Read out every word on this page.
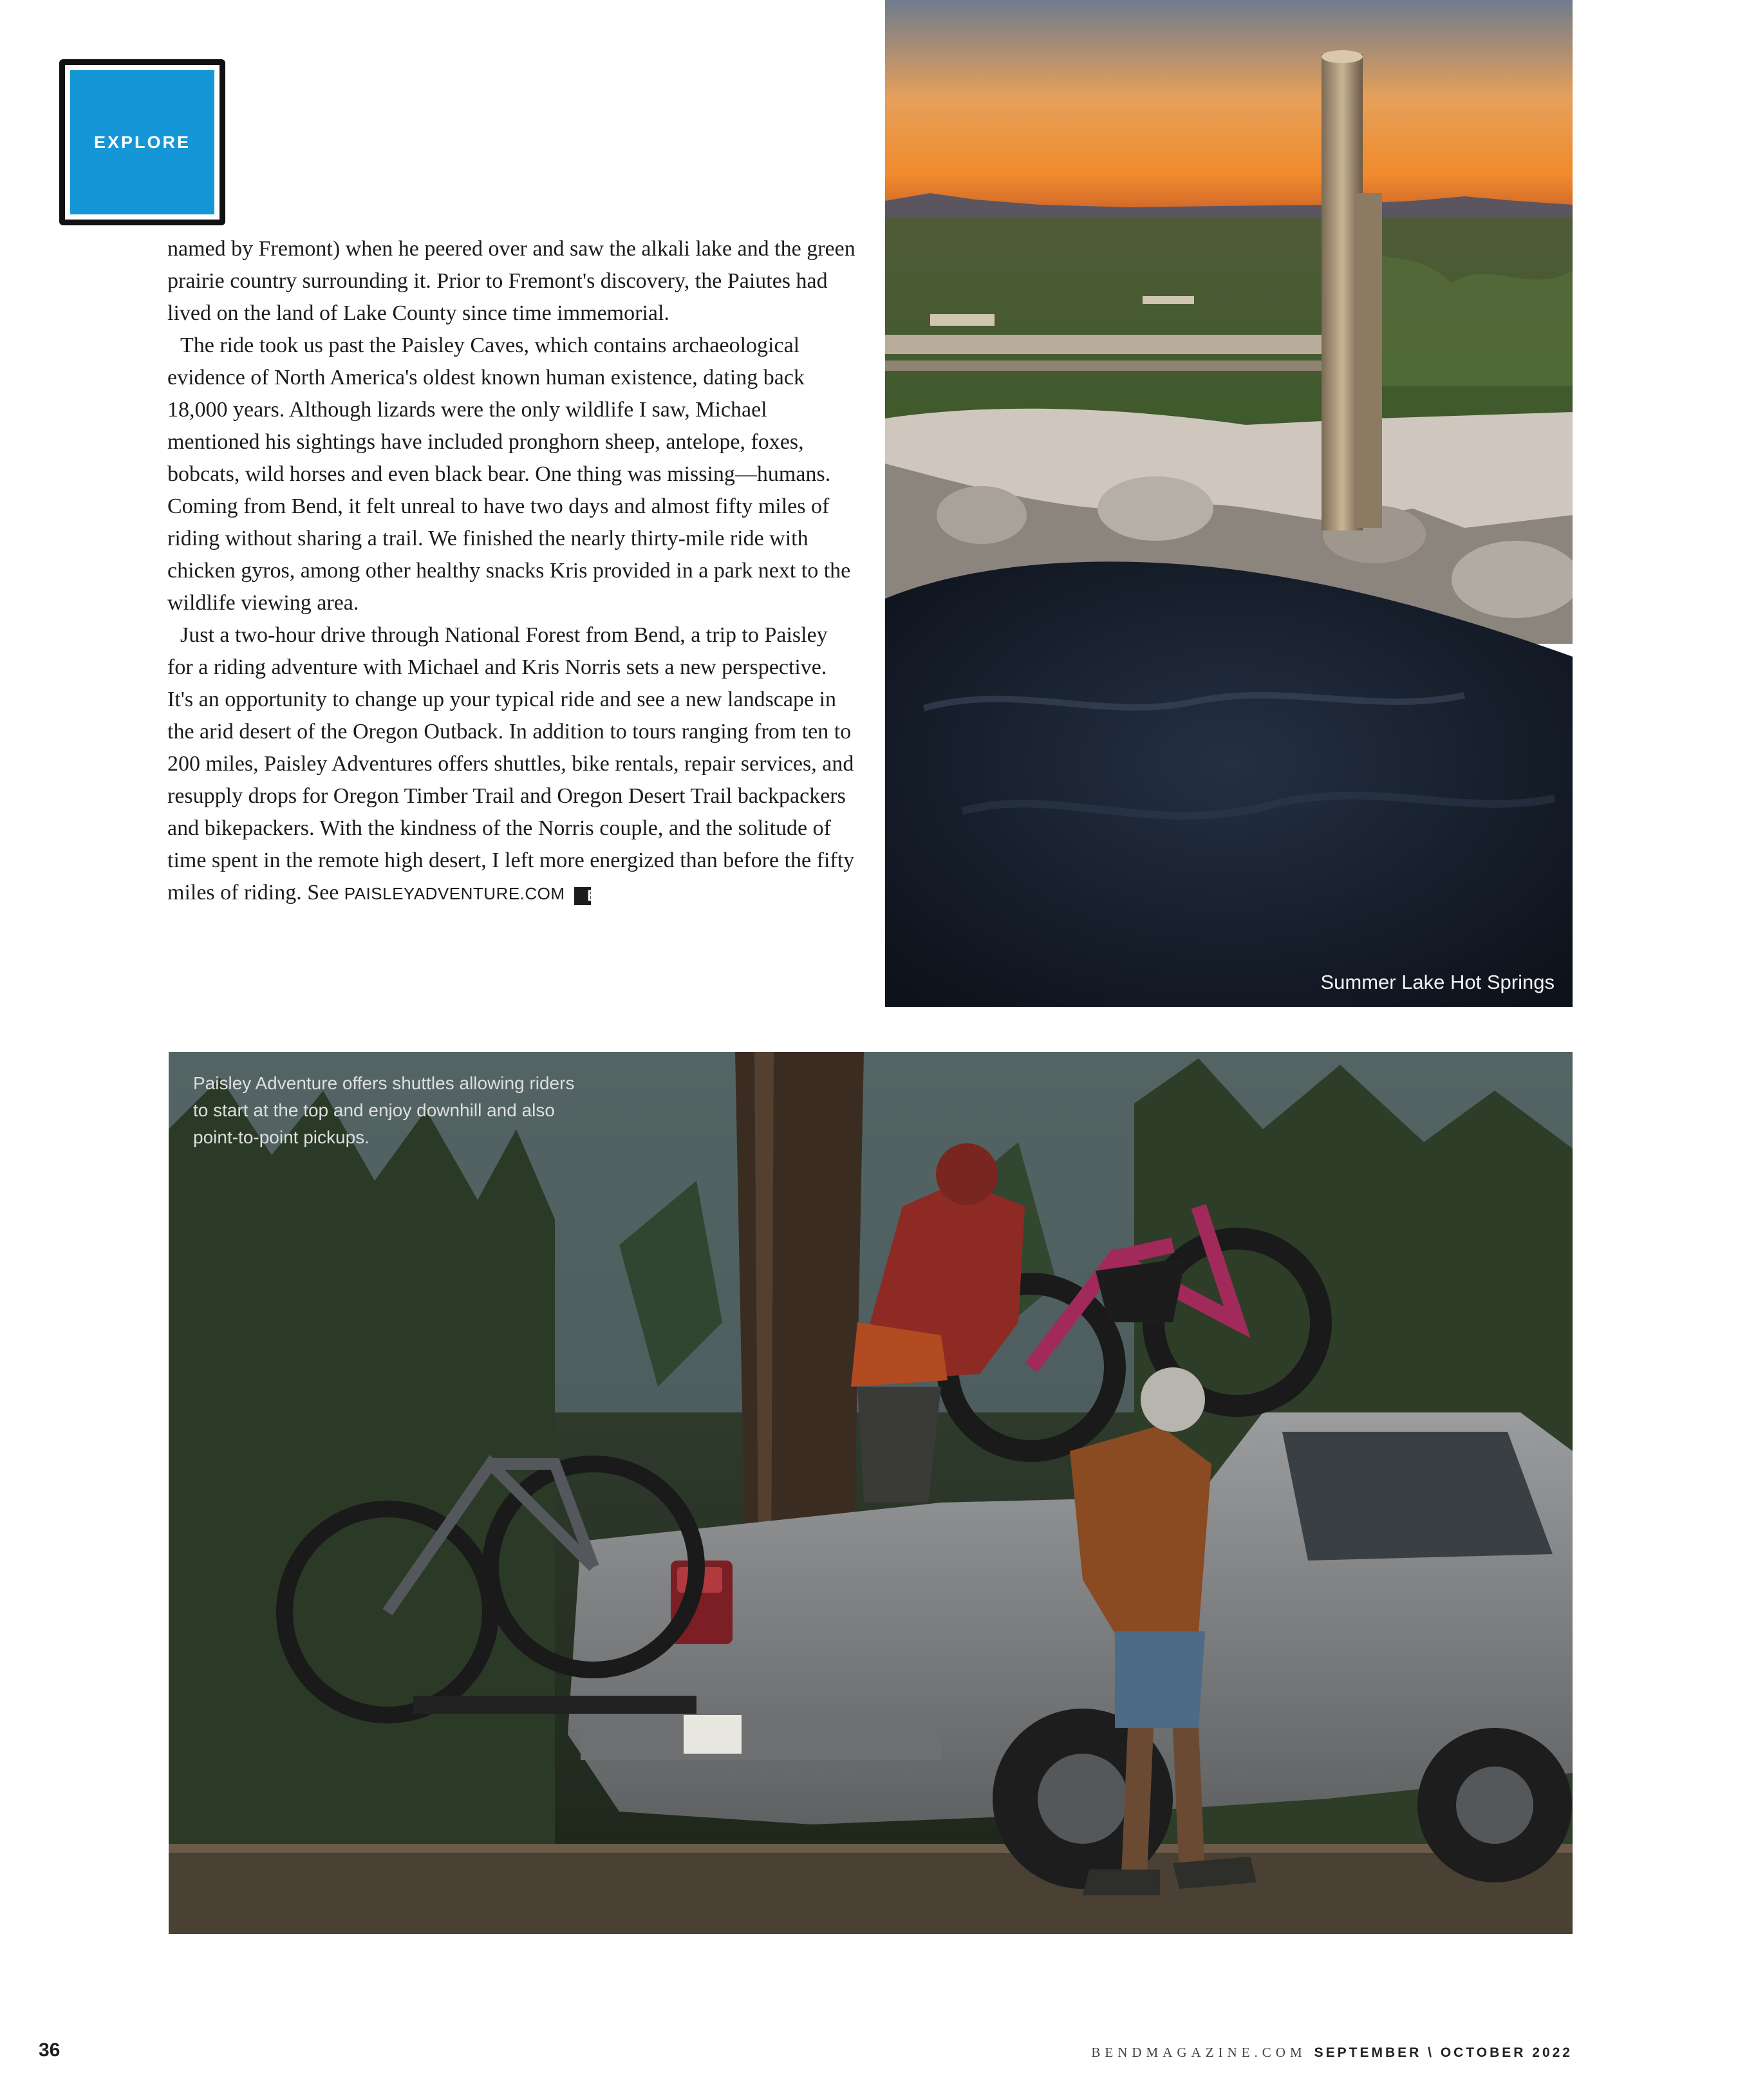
EXPLORE

named by Fremont) when he peered over and saw the alkali lake and the green prairie country surrounding it. Prior to Fremont's discovery, the Paiutes had lived on the land of Lake County since time immemorial.

The ride took us past the Paisley Caves, which contains archaeological evidence of North America's oldest known human existence, dating back 18,000 years. Although lizards were the only wildlife I saw, Michael mentioned his sightings have included pronghorn sheep, antelope, foxes, bobcats, wild horses and even black bear. One thing was missing—humans. Coming from Bend, it felt unreal to have two days and almost fifty miles of riding without sharing a trail. We finished the nearly thirty-mile ride with chicken gyros, among other healthy snacks Kris provided in a park next to the wildlife viewing area.

Just a two-hour drive through National Forest from Bend, a trip to Paisley for a riding adventure with Michael and Kris Norris sets a new perspective. It's an opportunity to change up your typical ride and see a new landscape in the arid desert of the Oregon Outback. In addition to tours ranging from ten to 200 miles, Paisley Adventures offers shuttles, bike rentals, repair services, and resupply drops for Oregon Timber Trail and Oregon Desert Trail backpackers and bikepackers. With the kindness of the Norris couple, and the solitude of time spent in the remote high desert, I left more energized than before the fifty miles of riding. See PAISLEYADVENTURE.COM B

Summer Lake Hot Springs
Paisley Adventure offers shuttles allowing riders to start at the top and enjoy downhill and also point-to-point pickups.
36	BENDMAGAZINE.COM SEPTEMBER \ OCTOBER 2022
